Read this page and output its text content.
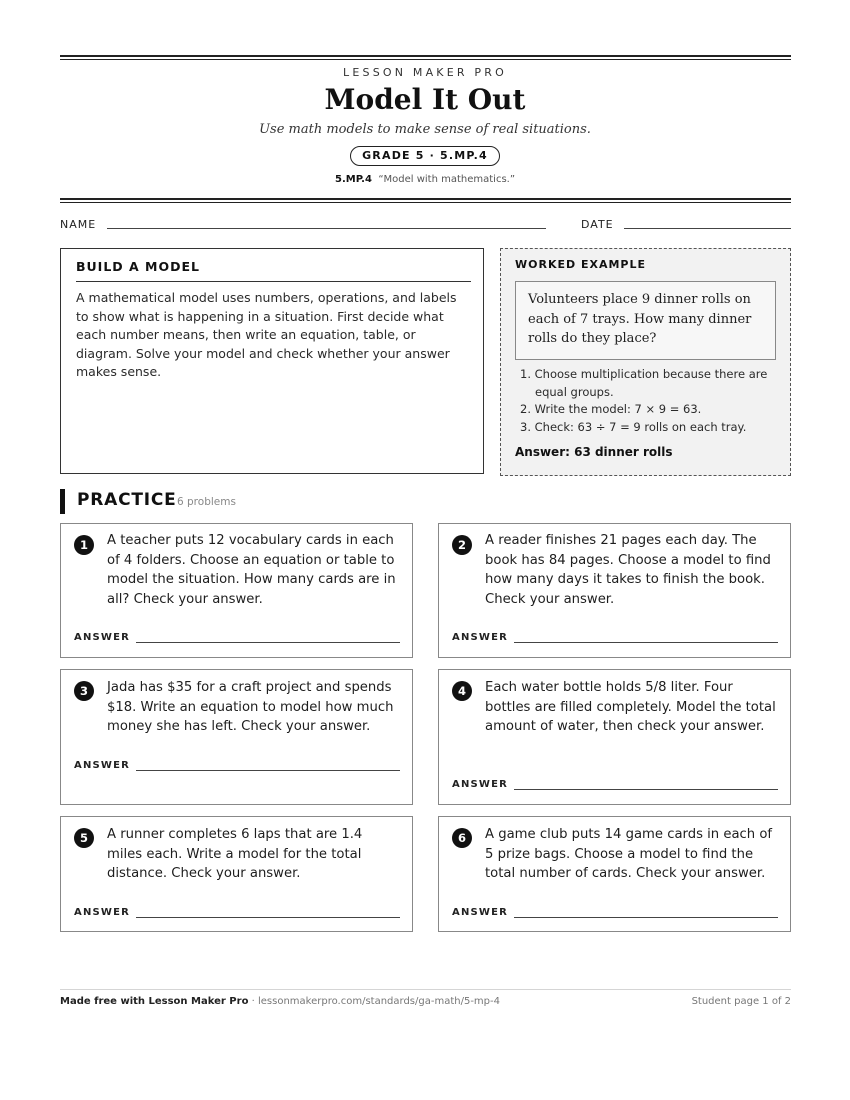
LESSON MAKER PRO
Model It Out
Use math models to make sense of real situations.
GRADE 5 · 5.MP.4
5.MP.4 “Model with mathematics.”
NAME	DATE
BUILD A MODEL
A mathematical model uses numbers, operations, and labels to show what is happening in a situation. First decide what each number means, then write an equation, table, or diagram. Solve your model and check whether your answer makes sense.
WORKED EXAMPLE
Volunteers place 9 dinner rolls on each of 7 trays. How many dinner rolls do they place?
1. Choose multiplication because there are equal groups.
2. Write the model: 7 × 9 = 63.
3. Check: 63 ÷ 7 = 9 rolls on each tray.
Answer: 63 dinner rolls
PRACTICE 6 problems
1	A teacher puts 12 vocabulary cards in each of 4 folders. Choose an equation or table to model the situation. How many cards are in all? Check your answer.
ANSWER
2	A reader finishes 21 pages each day. The book has 84 pages. Choose a model to find how many days it takes to finish the book. Check your answer.
ANSWER
3	Jada has $35 for a craft project and spends $18. Write an equation to model how much money she has left. Check your answer.
ANSWER
4	Each water bottle holds 5/8 liter. Four bottles are filled completely. Model the total amount of water, then check your answer.
ANSWER
5	A runner completes 6 laps that are 1.4 miles each. Write a model for the total distance. Check your answer.
ANSWER
6	A game club puts 14 game cards in each of 5 prize bags. Choose a model to find the total number of cards. Check your answer.
ANSWER
Made free with Lesson Maker Pro · lessonmakerpro.com/standards/ga-math/5-mp-4	Student page 1 of 2
